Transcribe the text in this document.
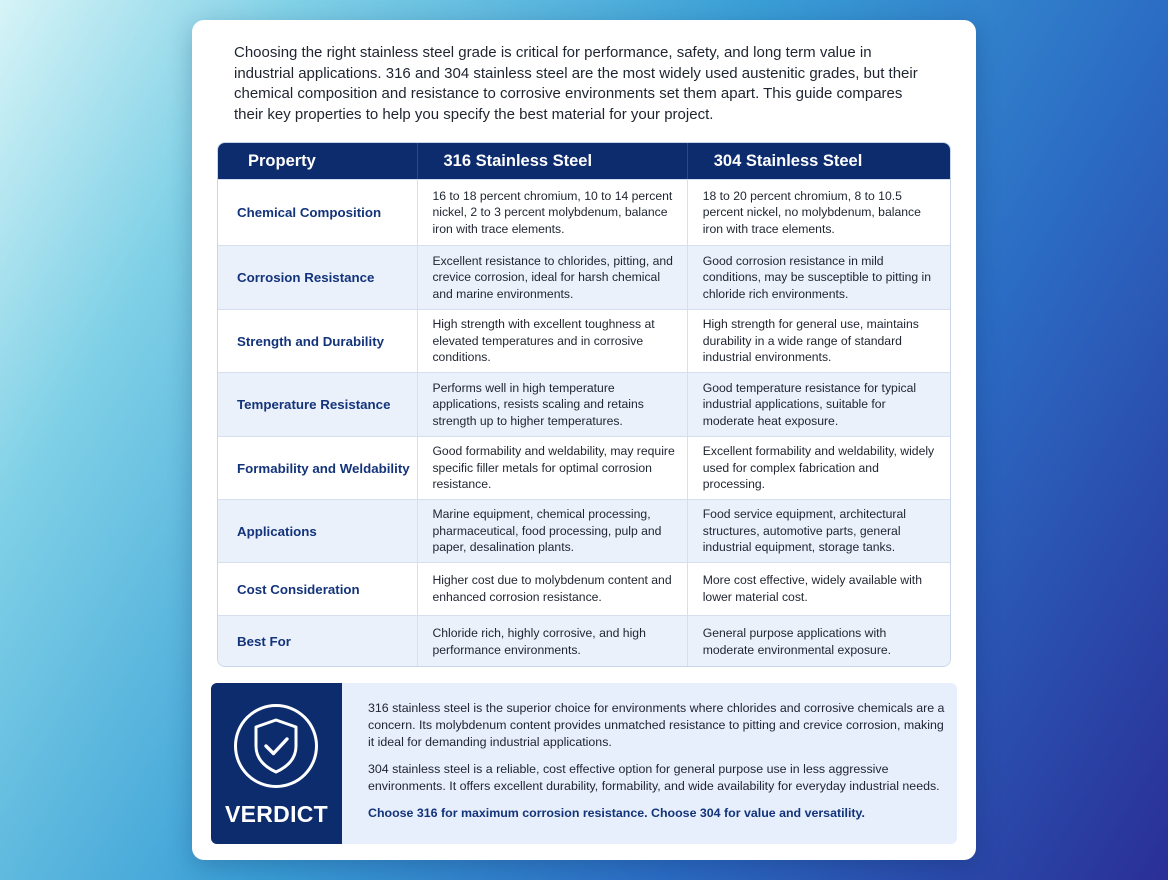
Choosing the right stainless steel grade is critical for performance, safety, and long term value in industrial applications. 316 and 304 stainless steel are the most widely used austenitic grades, but their chemical composition and resistance to corrosive environments set them apart. This guide compares their key properties to help you specify the best material for your project.

Property	316 Stainless Steel	304 Stainless Steel
Chemical Composition
16 to 18 percent chromium, 10 to 14 percent nickel, 2 to 3 percent molybdenum, balance iron with trace elements.
18 to 20 percent chromium, 8 to 10.5 percent nickel, no molybdenum, balance iron with trace elements.
Corrosion Resistance
Excellent resistance to chlorides, pitting, and crevice corrosion, ideal for harsh chemical and marine environments.
Good corrosion resistance in mild conditions, may be susceptible to pitting in chloride rich environments.
Strength and Durability
High strength with excellent toughness at elevated temperatures and in corrosive conditions.
High strength for general use, maintains durability in a wide range of standard industrial environments.
Temperature Resistance
Performs well in high temperature applications, resists scaling and retains strength up to higher temperatures.
Good temperature resistance for typical industrial applications, suitable for moderate heat exposure.
Formability and Weldability
Good formability and weldability, may require specific filler metals for optimal corrosion resistance.
Excellent formability and weldability, widely used for complex fabrication and processing.
Applications
Marine equipment, chemical processing, pharmaceutical, food processing, pulp and paper, desalination plants.
Food service equipment, architectural structures, automotive parts, general industrial equipment, storage tanks.
Cost Consideration
Higher cost due to molybdenum content and enhanced corrosion resistance.
More cost effective, widely available with lower material cost.
Best For
Chloride rich, highly corrosive, and high performance environments.
General purpose applications with moderate environmental exposure.
VERDICT

316 stainless steel is the superior choice for environments where chlorides and corrosive chemicals are a concern. Its molybdenum content provides unmatched resistance to pitting and crevice corrosion, making it ideal for demanding industrial applications.

304 stainless steel is a reliable, cost effective option for general purpose use in less aggressive environments. It offers excellent durability, formability, and wide availability for everyday industrial needs.

Choose 316 for maximum corrosion resistance. Choose 304 for value and versatility.
